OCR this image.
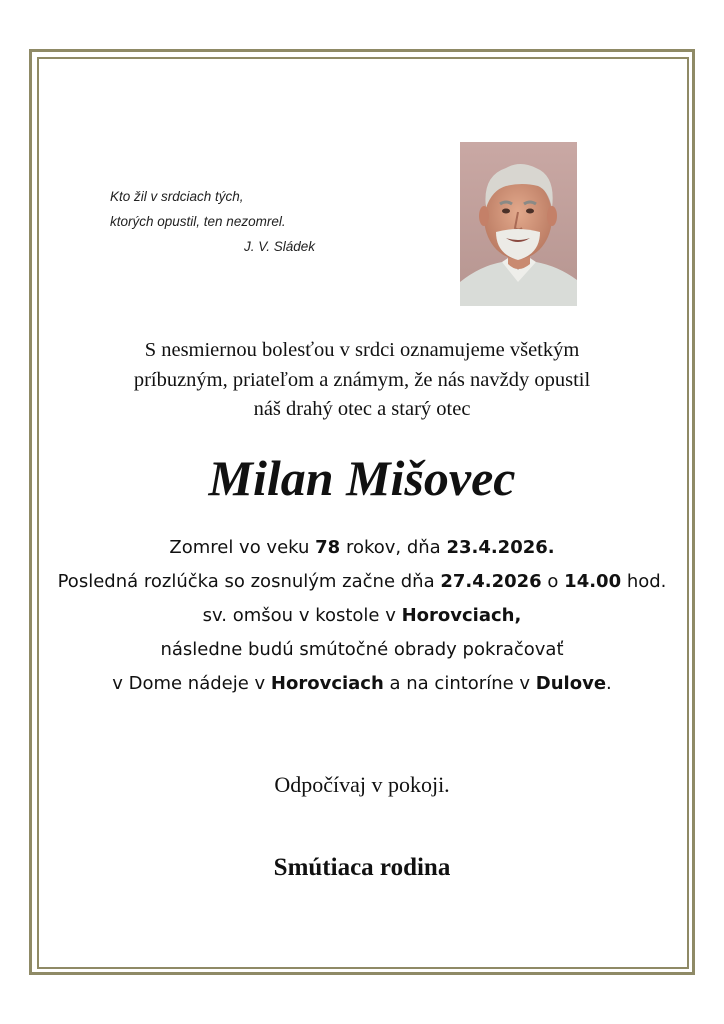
Kto žil v srdciach tých,
ktorých opustil, ten nezomrel.
J. V. Sládek
S nesmiernou bolesťou v srdci oznamujeme všetkým
príbuzným, priateľom a známym, že nás navždy opustil
náš drahý otec a starý otec
Milan Mišovec
Zomrel vo veku 78 rokov, dňa 23.4.2026.
Posledná rozlúčka so zosnulým začne dňa 27.4.2026 o 14.00 hod.
sv. omšou v kostole v Horovciach,
následne budú smútočné obrady pokračovať
v Dome nádeje v Horovciach a na cintoríne v Dulove.
Odpočívaj v pokoji.
Smútiaca rodina
